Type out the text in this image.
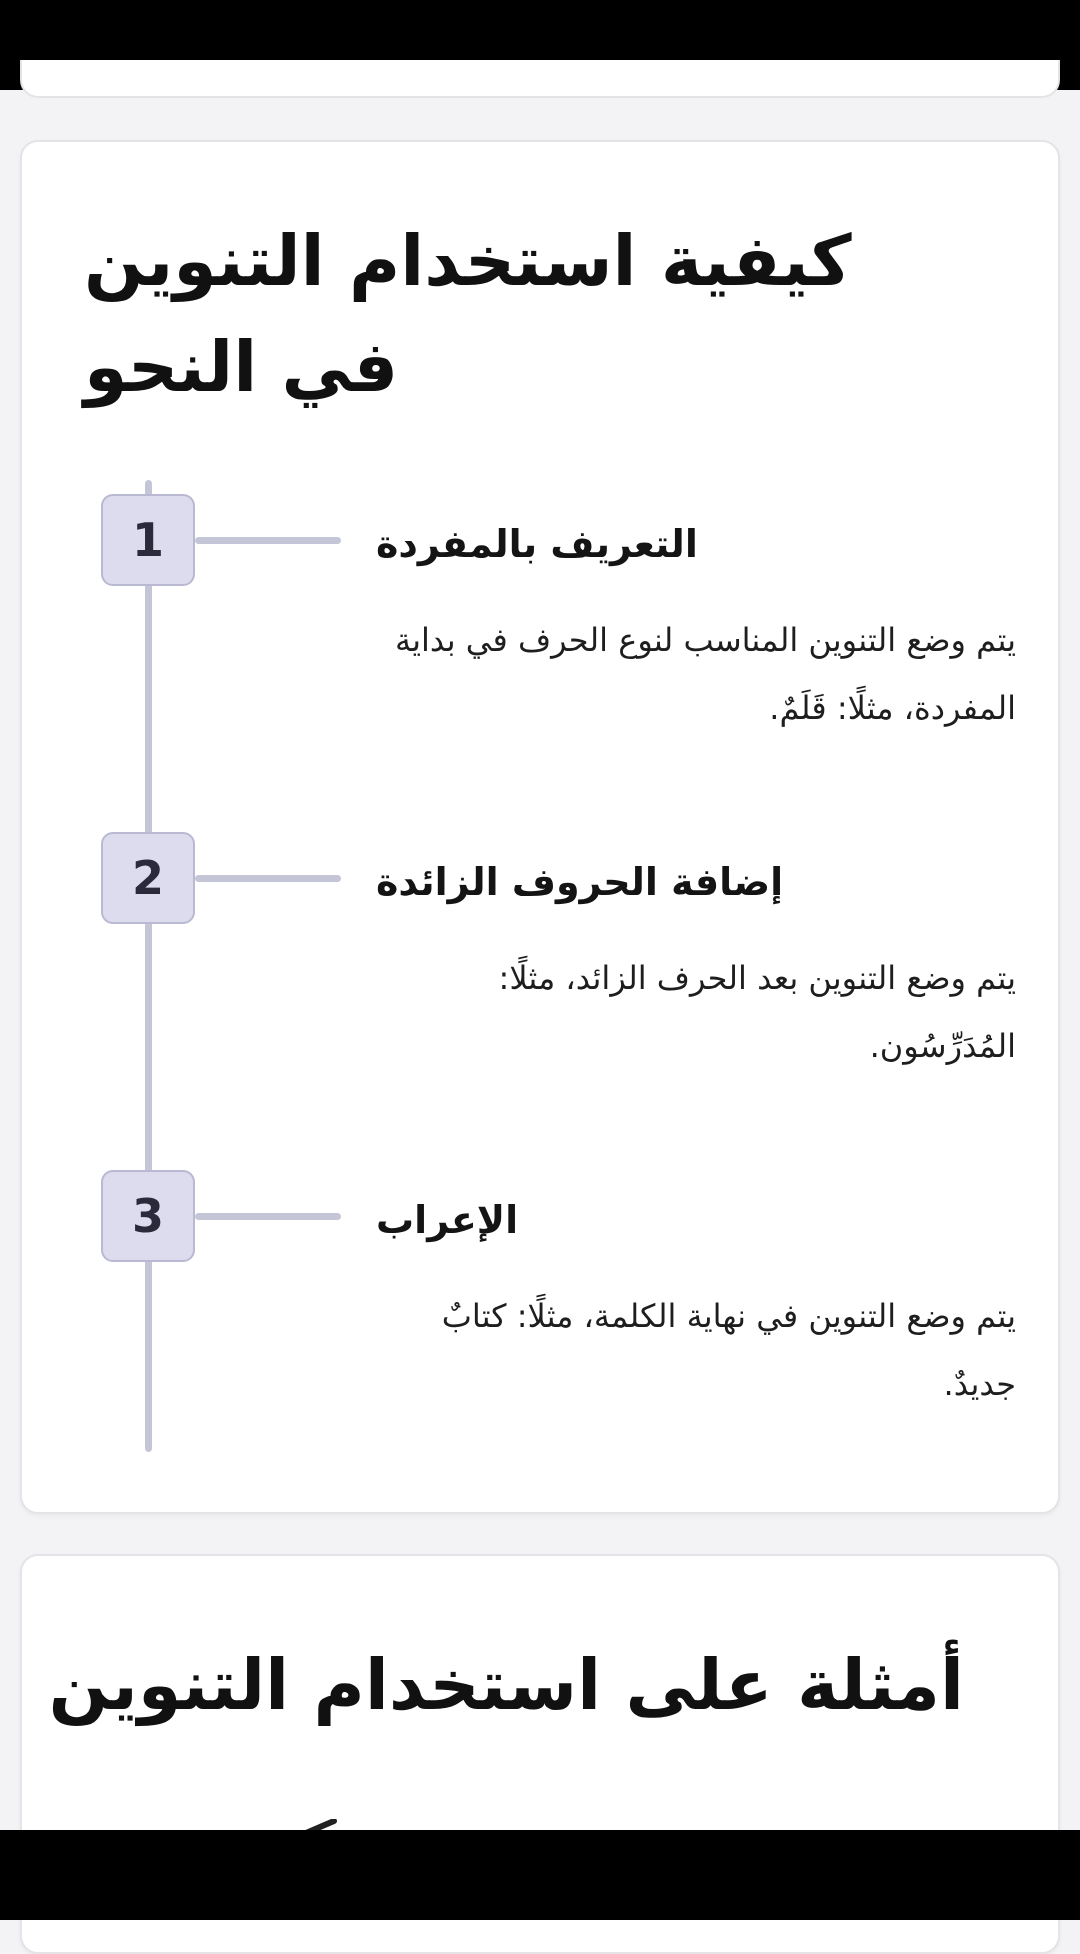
كيفية استخدام التنوين في النحو
1	التعريف بالمفردة

يتم وضع التنوين المناسب لنوع الحرف في بداية المفردة، مثلًا: قَلَمٌ.

2	إضافة الحروف الزائدة

يتم وضع التنوين بعد الحرف الزائد، مثلًا: المُدَرِّسُون.

3	الإعراب

يتم وضع التنوين في نهاية الكلمة، مثلًا: كتابٌ جديدٌ.

أمثلة على استخدام التنوين
